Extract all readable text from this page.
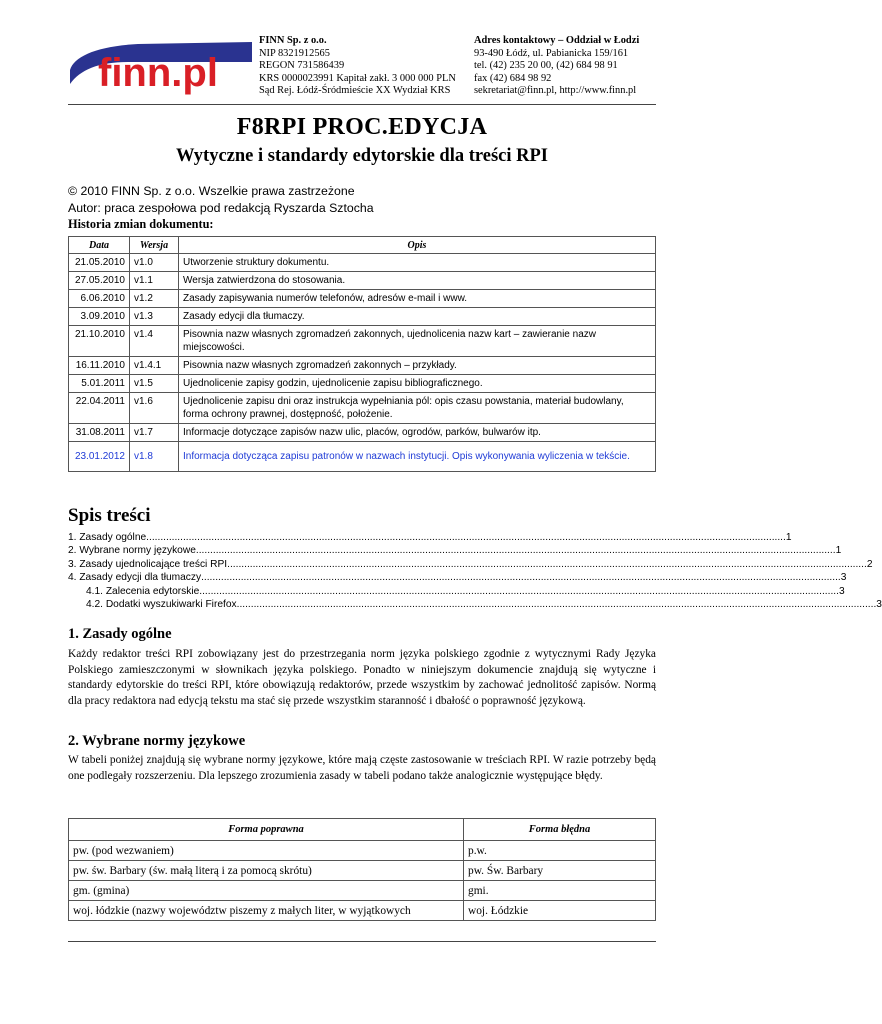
finn.pl
FINN Sp. z o.o.
NIP 8321912565
REGON 731586439
KRS 0000023991 Kapitał zakł. 3 000 000 PLN
Sąd Rej. Łódź-Śródmieście XX Wydział KRS
Adres kontaktowy – Oddział w Łodzi
93-490 Łódź, ul. Pabianicka 159/161
tel. (42) 235 20 00, (42) 684 98 91
fax (42) 684 98 92
sekretariat@finn.pl, http://www.finn.pl
F8RPI PROC.EDYCJA
Wytyczne i standardy edytorskie dla treści RPI
© 2010 FINN Sp. z o.o. Wszelkie prawa zastrzeżone
Autor: praca zespołowa pod redakcją Ryszarda Sztocha
Historia zmian dokumentu:
Data	Wersja	Opis
21.05.2010	v1.0	Utworzenie struktury dokumentu.
27.05.2010	v1.1	Wersja zatwierdzona do stosowania.
6.06.2010	v1.2	Zasady zapisywania numerów telefonów, adresów e-mail i www.
3.09.2010	v1.3	Zasady edycji dla tłumaczy.
21.10.2010	v1.4	Pisownia nazw własnych zgromadzeń zakonnych, ujednolicenia nazw kart – zawieranie nazw miejscowości.
16.11.2010	v1.4.1	Pisownia nazw własnych zgromadzeń zakonnych – przykłady.
5.01.2011	v1.5	Ujednolicenie zapisy godzin, ujednolicenie zapisu bibliograficznego.
22.04.2011	v1.6	Ujednolicenie zapisu dni oraz instrukcja wypełniania pól: opis czasu powstania, materiał budowlany, forma ochrony prawnej, dostępność, położenie.
31.08.2011	v1.7	Informacje dotyczące zapisów nazw ulic, placów, ogrodów, parków, bulwarów itp.
23.01.2012	v1.8	Informacja dotycząca zapisu patronów w nazwach instytucji. Opis wykonywania wyliczenia w tekście.
Spis treści
1. Zasady ogólne .................................................................................................................................................................................................................................. 1
2. Wybrane normy językowe .................................................................................................................................................................................................................................. 1
3. Zasady ujednolicające treści RPI .................................................................................................................................................................................................................................. 2
4. Zasady edycji dla tłumaczy .................................................................................................................................................................................................................................. 3
4.1. Zalecenia edytorskie .................................................................................................................................................................................................................................. 3
4.2. Dodatki wyszukiwarki Firefox .................................................................................................................................................................................................................................. 3
1. Zasady ogólne
Każdy redaktor treści RPI zobowiązany jest do przestrzegania norm języka polskiego zgodnie z wytycznymi Rady Języka Polskiego zamieszczonymi w słownikach języka polskiego. Ponadto w niniejszym dokumencie znajdują się wytyczne i standardy edytorskie do treści RPI, które obowiązują redaktorów, przede wszystkim by zachować jednolitość zapisów. Normą dla pracy redaktora nad edycją tekstu ma stać się przede wszystkim staranność i dbałość o poprawność językową.
2. Wybrane normy językowe
W tabeli poniżej znajdują się wybrane normy językowe, które mają częste zastosowanie w treściach RPI. W razie potrzeby będą one podlegały rozszerzeniu. Dla lepszego zrozumienia zasady w tabeli podano także analogicznie występujące błędy.
Forma poprawna	Forma błędna
pw. (pod wezwaniem)	p.w.
pw. św. Barbary (św. małą literą i za pomocą skrótu)	pw. Św. Barbary
gm. (gmina)	gmi.
woj. łódzkie (nazwy województw piszemy z małych liter, w wyjątkowych	woj. Łódzkie
